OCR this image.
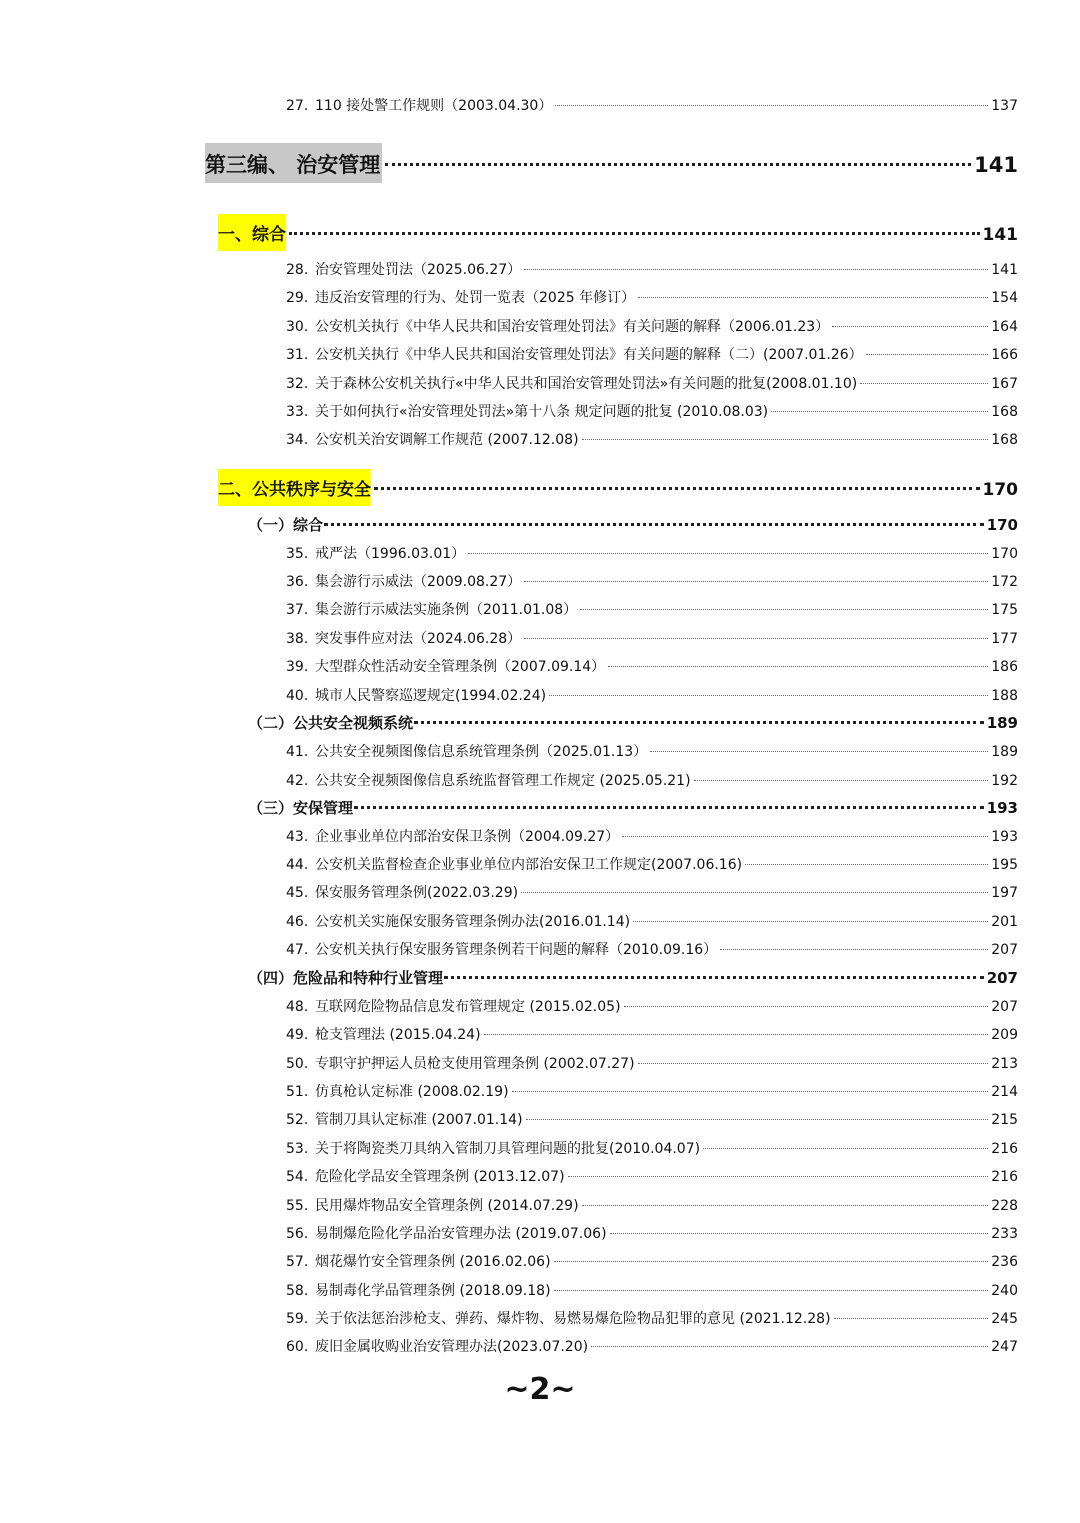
27. 110 接处警工作规则（2003.04.30）	137
第三编、 治安管理	141
一、综合	141
28. 治安管理处罚法（2025.06.27）	141
29. 违反治安管理的行为、处罚一览表（2025 年修订）	154
30. 公安机关执行《中华人民共和国治安管理处罚法》有关问题的解释（2006.01.23）	164
31. 公安机关执行《中华人民共和国治安管理处罚法》有关问题的解释（二）(2007.01.26）	166
32. 关于森林公安机关执行«中华人民共和国治安管理处罚法»有关问题的批复(2008.01.10)	167
33. 关于如何执行«治安管理处罚法»第十八条 规定问题的批复 (2010.08.03)	168
34. 公安机关治安调解工作规范 (2007.12.08)	168
二、公共秩序与安全	170
（一）综合	170
35. 戒严法（1996.03.01）	170
36. 集会游行示威法（2009.08.27）	172
37. 集会游行示威法实施条例（2011.01.08）	175
38. 突发事件应对法（2024.06.28）	177
39. 大型群众性活动安全管理条例（2007.09.14）	186
40. 城市人民警察巡逻规定(1994.02.24)	188
（二）公共安全视频系统	189
41. 公共安全视频图像信息系统管理条例（2025.01.13）	189
42. 公共安全视频图像信息系统监督管理工作规定 (2025.05.21)	192
（三）安保管理	193
43. 企业事业单位内部治安保卫条例（2004.09.27）	193
44. 公安机关监督检查企业事业单位内部治安保卫工作规定(2007.06.16)	195
45. 保安服务管理条例(2022.03.29)	197
46. 公安机关实施保安服务管理条例办法(2016.01.14)	201
47. 公安机关执行保安服务管理条例若干问题的解释（2010.09.16）	207
（四）危险品和特种行业管理	207
48. 互联网危险物品信息发布管理规定 (2015.02.05)	207
49. 枪支管理法 (2015.04.24)	209
50. 专职守护押运人员枪支使用管理条例 (2002.07.27)	213
51. 仿真枪认定标准 (2008.02.19)	214
52. 管制刀具认定标准 (2007.01.14)	215
53. 关于将陶瓷类刀具纳入管制刀具管理问题的批复(2010.04.07)	216
54. 危险化学品安全管理条例 (2013.12.07)	216
55. 民用爆炸物品安全管理条例 (2014.07.29)	228
56. 易制爆危险化学品治安管理办法 (2019.07.06)	233
57. 烟花爆竹安全管理条例 (2016.02.06)	236
58. 易制毒化学品管理条例 (2018.09.18)	240
59. 关于依法惩治涉枪支、弹药、爆炸物、易燃易爆危险物品犯罪的意见 (2021.12.28)	245
60. 废旧金属收购业治安管理办法(2023.07.20)	247
~2~
